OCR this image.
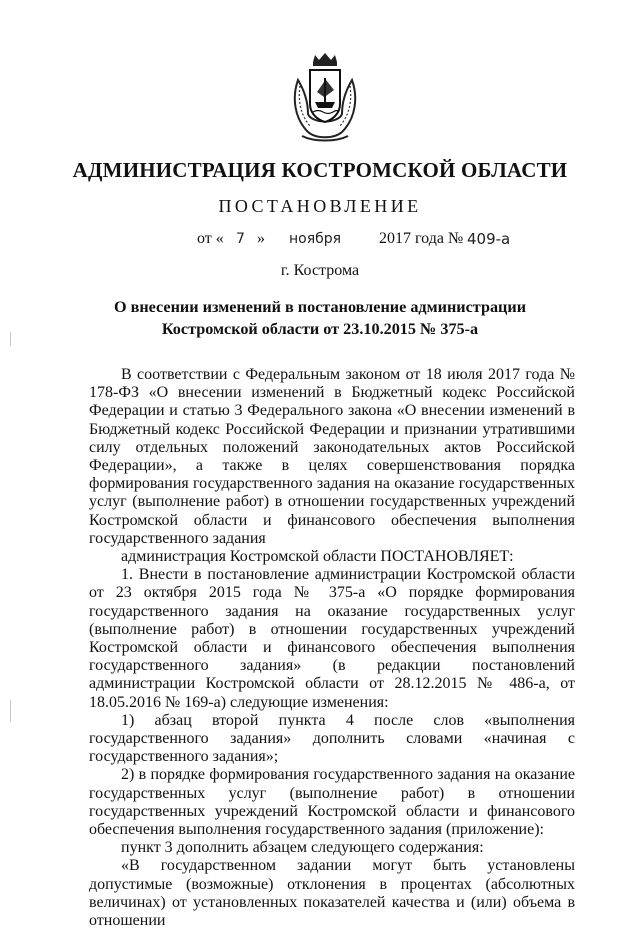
АДМИНИСТРАЦИЯ КОСТРОМСКОЙ ОБЛАСТИ
ПОСТАНОВЛЕНИЕ
от « 7 » ноября 2017 года № 409-а
г. Кострома
О внесении изменений в постановление администрации
Костромской области от 23.10.2015 № 375-а

В соответствии с Федеральным законом от 18 июля 2017 года № 178-ФЗ «О внесении изменений в Бюджетный кодекс Российской Федерации и статью 3 Федерального закона «О внесении изменений в Бюджетный кодекс Российской Федерации и признании утратившими силу отдельных положений законодательных актов Российской Федерации», а также в целях совершенствования порядка формирования государственного задания на оказание государственных услуг (выполнение работ) в отношении государственных учреждений Костромской области и финансового обеспечения выполнения государственного задания

администрация Костромской области ПОСТАНОВЛЯЕТ:

1. Внести в постановление администрации Костромской области от 23 октября 2015 года № 375-а «О порядке формирования государственного задания на оказание государственных услуг (выполнение работ) в отношении государственных учреждений Костромской области и финансового обеспечения выполнения государственного задания» (в редакции постановлений администрации Костромской области от 28.12.2015 № 486-а, от 18.05.2016 № 169-а) следующие изменения:

1) абзац второй пункта 4 после слов «выполнения государственного задания» дополнить словами «начиная с государственного задания»;

2) в порядке формирования государственного задания на оказание государственных услуг (выполнение работ) в отношении государственных учреждений Костромской области и финансового обеспечения выполнения государственного задания (приложение):

пункт 3 дополнить абзацем следующего содержания:

«В государственном задании могут быть установлены допустимые (возможные) отклонения в процентах (абсолютных величинах) от установленных показателей качества и (или) объема в отношении
